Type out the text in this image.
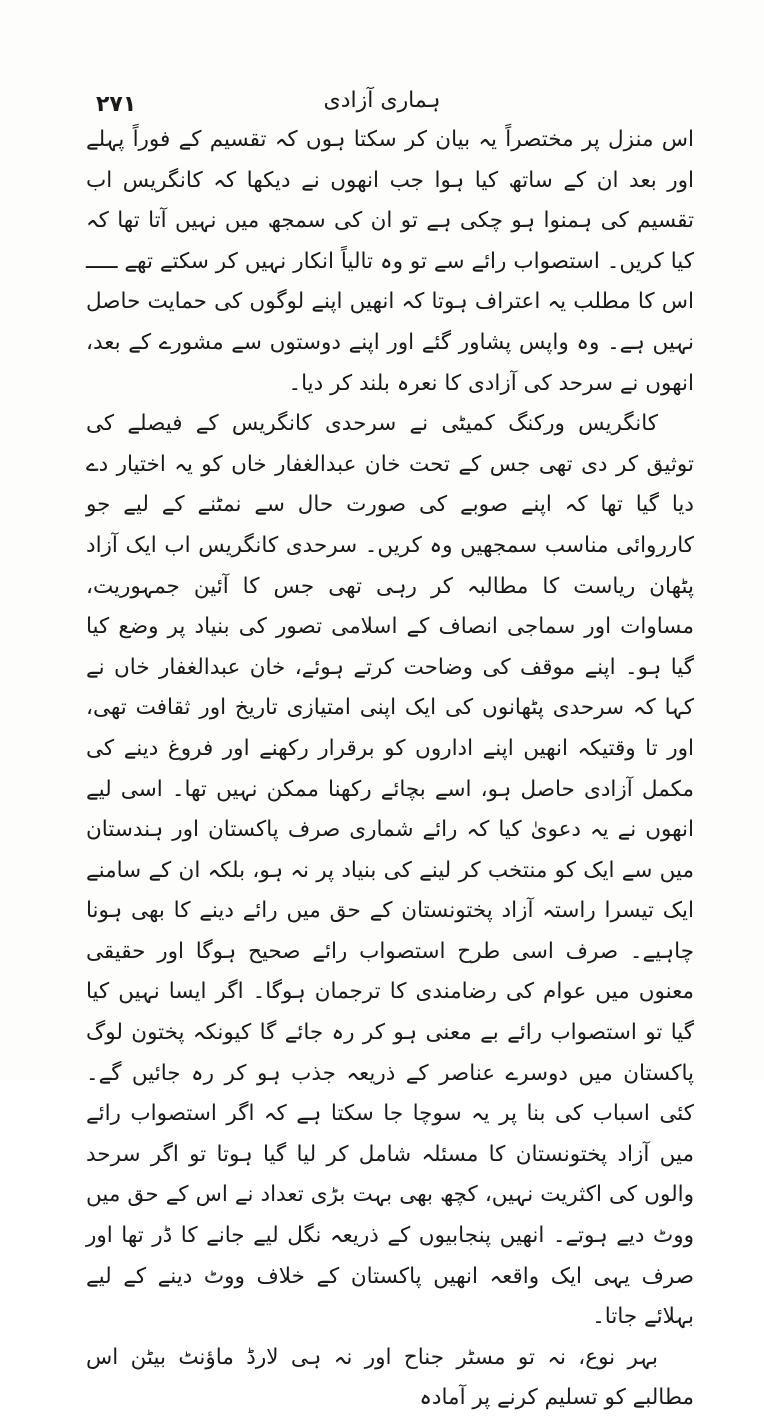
۲۷۱	ہماری آزادی

اس منزل پر مختصراً یہ بیان کر سکتا ہوں کہ تقسیم کے فوراً پہلے اور بعد ان کے ساتھ کیا ہوا جب انھوں نے دیکھا کہ کانگریس اب تقسیم کی ہمنوا ہو چکی ہے تو ان کی سمجھ میں نہیں آتا تھا کہ کیا کریں۔ استصواب رائے سے تو وہ تالیاً انکار نہیں کر سکتے تھے ـــــ اس کا مطلب یہ اعتراف ہوتا کہ انھیں اپنے لوگوں کی حمایت حاصل نہیں ہے۔ وہ واپس پشاور گئے اور اپنے دوستوں سے مشورے کے بعد، انھوں نے سرحد کی آزادی کا نعرہ بلند کر دیا۔

کانگریس ورکنگ کمیٹی نے سرحدی کانگریس کے فیصلے کی توثیق کر دی تھی جس کے تحت خان عبدالغفار خاں کو یہ اختیار دے دیا گیا تھا کہ اپنے صوبے کی صورت حال سے نمٹنے کے لیے جو کارروائی مناسب سمجھیں وہ کریں۔ سرحدی کانگریس اب ایک آزاد پٹھان ریاست کا مطالبہ کر رہی تھی جس کا آئین جمہوریت، مساوات اور سماجی انصاف کے اسلامی تصور کی بنیاد پر وضع کیا گیا ہو۔ اپنے موقف کی وضاحت کرتے ہوئے، خان عبدالغفار خاں نے کہا کہ سرحدی پٹھانوں کی ایک اپنی امتیازی تاریخ اور ثقافت تھی، اور تا وقتیکہ انھیں اپنے اداروں کو برقرار رکھنے اور فروغ دینے کی مکمل آزادی حاصل ہو، اسے بچائے رکھنا ممکن نہیں تھا۔ اسی لیے انھوں نے یہ دعویٰ کیا کہ رائے شماری صرف پاکستان اور ہندستان میں سے ایک کو منتخب کر لینے کی بنیاد پر نہ ہو، بلکہ ان کے سامنے ایک تیسرا راستہ آزاد پختونستان کے حق میں رائے دینے کا بھی ہونا چاہیے۔ صرف اسی طرح استصواب رائے صحیح ہوگا اور حقیقی معنوں میں عوام کی رضامندی کا ترجمان ہوگا۔ اگر ایسا نہیں کیا گیا تو استصواب رائے بے معنی ہو کر رہ جائے گا کیونکہ پختون لوگ پاکستان میں دوسرے عناصر کے ذریعہ جذب ہو کر رہ جائیں گے۔ کئی اسباب کی بنا پر یہ سوچا جا سکتا ہے کہ اگر استصواب رائے میں آزاد پختونستان کا مسئلہ شامل کر لیا گیا ہوتا تو اگر سرحد والوں کی اکثریت نہیں، کچھ بھی بہت بڑی تعداد نے اس کے حق میں ووٹ دیے ہوتے۔ انھیں پنجابیوں کے ذریعہ نگل لیے جانے کا ڈر تھا اور صرف یہی ایک واقعہ انھیں پاکستان کے خلاف ووٹ دینے کے لیے بہلائے جاتا۔

بہر نوع، نہ تو مسٹر جناح اور نہ ہی لارڈ ماؤنٹ بیٹن اس مطالبے کو تسلیم کرنے پر آمادہ
